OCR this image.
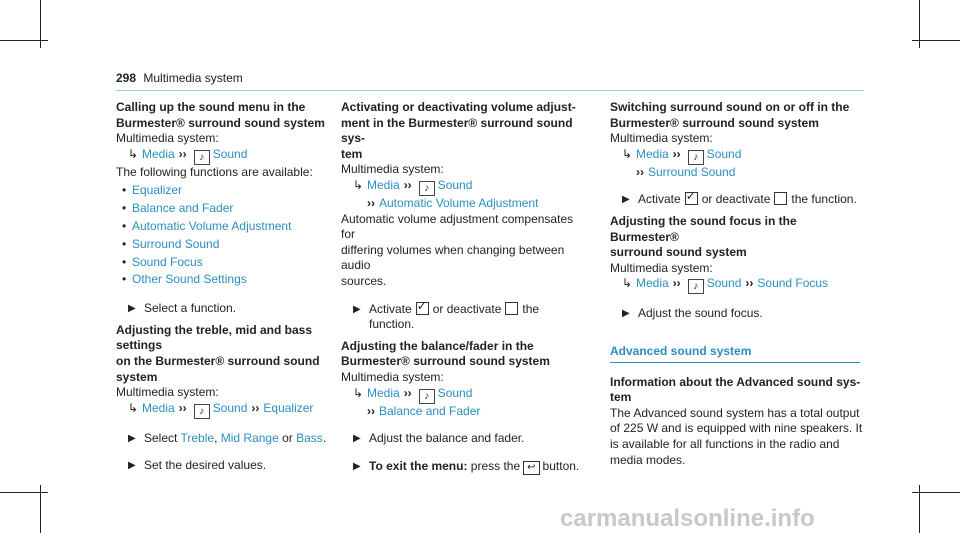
298 Multimedia system
Calling up the sound menu in the
Burmester® surround sound system
Multimedia system:
↳ Media ›› ♪ Sound
The following functions are available:
• Equalizer
• Balance and Fader
• Automatic Volume Adjustment
• Surround Sound
• Sound Focus
• Other Sound Settings
▶ Select a function.
Adjusting the treble, mid and bass settings
on the Burmester® surround sound system
Multimedia system:
↳ Media ›› ♪ Sound ›› Equalizer
▶ Select Treble, Mid Range or Bass.
▶ Set the desired values.
Activating or deactivating volume adjust-
ment in the Burmester® surround sound sys-
tem
Multimedia system:
↳ Media ›› ♪ Sound
›› Automatic Volume Adjustment
Automatic volume adjustment compensates for
differing volumes when changing between audio
sources.
▶ Activate ✓ or deactivate the function.
Adjusting the balance/fader in the
Burmester® surround sound system
Multimedia system:
↳ Media ›› ♪ Sound
›› Balance and Fader
▶ Adjust the balance and fader.
▶ To exit the menu: press the ↩ button.
Switching surround sound on or off in the
Burmester® surround sound system
Multimedia system:
↳ Media ›› ♪ Sound
›› Surround Sound
▶ Activate ✓ or deactivate the function.
Adjusting the sound focus in the Burmester®
surround sound system
Multimedia system:
↳ Media ›› ♪ Sound ›› Sound Focus
▶ Adjust the sound focus.
Advanced sound system
Information about the Advanced sound sys-
tem
The Advanced sound system has a total output
of 225 W and is equipped with nine speakers. It
is available for all functions in the radio and
media modes.
carmanualsonline.info
